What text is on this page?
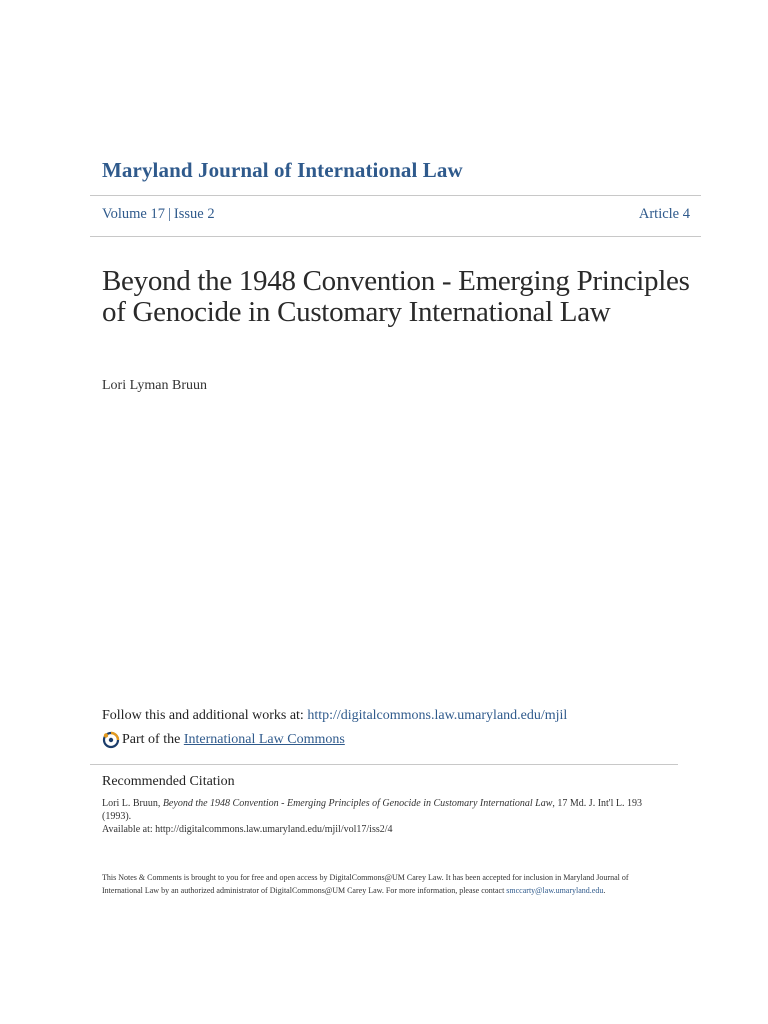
Maryland Journal of International Law
Volume 17 | Issue 2	Article 4
Beyond the 1948 Convention - Emerging Principles of Genocide in Customary International Law
Lori Lyman Bruun
Follow this and additional works at: http://digitalcommons.law.umaryland.edu/mjil
Part of the
International Law Commons
Recommended Citation
Lori L. Bruun, Beyond the 1948 Convention - Emerging Principles of Genocide in Customary International Law, 17 Md. J. Int'l L. 193 (1993).
Available at: http://digitalcommons.law.umaryland.edu/mjil/vol17/iss2/4
This Notes & Comments is brought to you for free and open access by DigitalCommons@UM Carey Law. It has been accepted for inclusion in Maryland Journal of International Law by an authorized administrator of DigitalCommons@UM Carey Law. For more information, please contact smccarty@law.umaryland.edu.
